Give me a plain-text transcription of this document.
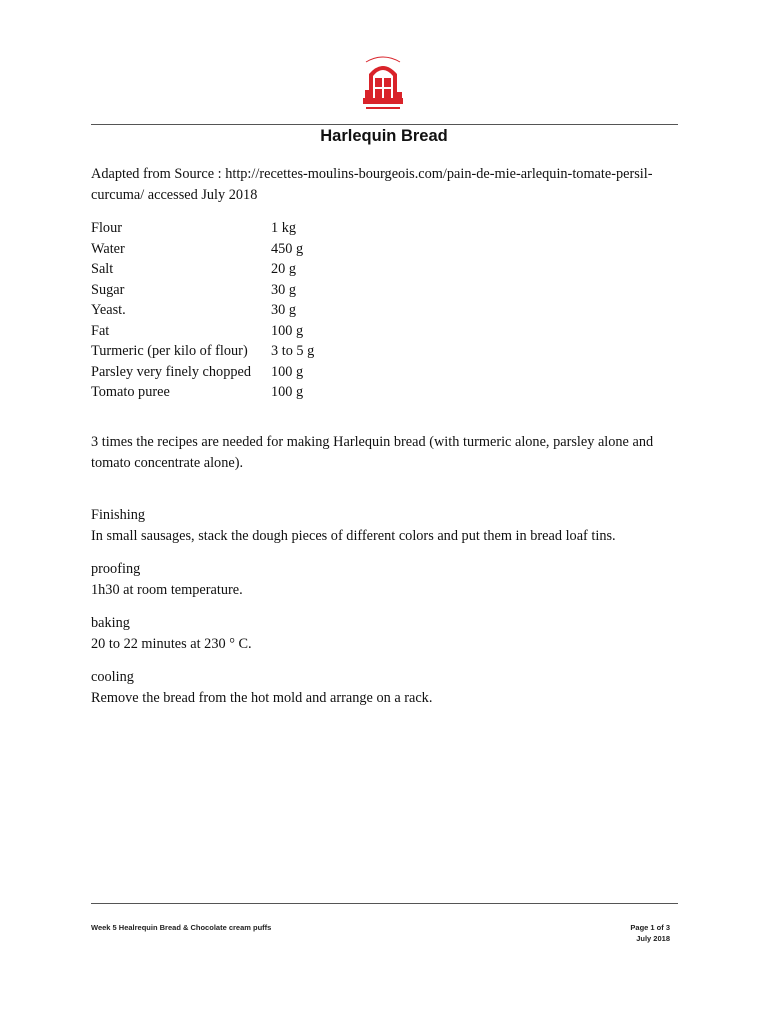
Harlequin Bread
Adapted from Source : http://recettes-moulins-bourgeois.com/pain-de-mie-arlequin-tomate-persil-curcuma/ accessed July 2018
Flour	1 kg
Water	450 g
Salt	20 g
Sugar	30 g
Yeast.	30 g
Fat	100 g
Turmeric (per kilo of flour)	3 to 5 g
Parsley very finely chopped	100 g
Tomato puree	100 g
3 times the recipes are needed for making Harlequin bread (with turmeric alone, parsley alone and tomato concentrate alone).
Finishing
In small sausages, stack the dough pieces of different colors and put them in bread loaf tins.
proofing
1h30 at room temperature.
baking
20 to 22 minutes at 230 ° C.
cooling
Remove the bread from the hot mold and arrange on a rack.
Week 5 Healrequin Bread & Chocolate cream puffs	Page 1 of 3
July 2018
